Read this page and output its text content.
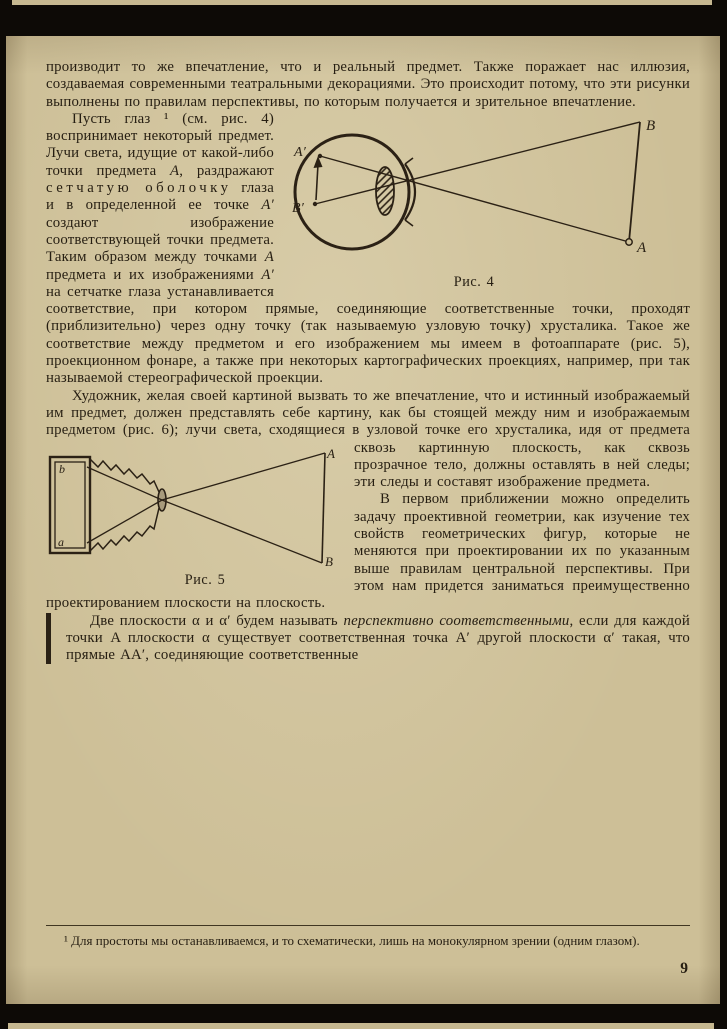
производит то же впечатление, что и реальный предмет. Также поражает нас иллюзия, создаваемая современными театральными декорациями. Это происходит потому, что эти рисунки выполнены по правилам перспективы, по которым получается и зрительное впечатление.

B
A
A′
B′
Рис. 4
Пусть глаз ¹ (см. рис. 4) воспринимает некоторый предмет. Лучи света, идущие от какой-либо точки предмета A, раздражают сетчатую оболочку глаза и в определенной ее точке A′ создают изображение соответствующей точки предмета. Таким образом между точками A предмета и их изображениями A′ на сетчатке глаза устанавливается соответствие, при котором прямые, соединяющие соответственные точки, проходят (приблизительно) через одну точку (так называемую узловую точку) хрусталика. Такое же соответствие между предметом и его изображением мы имеем в фотоаппарате (рис. 5), проекционном фонаре, а также при некоторых картографических проекциях, например, при так называемой стереографической проекции.

Художник, желая своей картиной вызвать то же впечатление, что и истинный изображаемый им предмет, должен представлять себе картину, как бы стоящей между ним и изображаемым предметом (рис. 6); лучи света, сходящиеся в узловой точке его хрусталика, идя от предмета сквозь картинную
A
B
b
a
Рис. 5
плоскость, как сквозь прозрачное тело, должны оставлять в ней следы; эти следы и составят изображение предмета.

В первом приближении можно определить задачу проективной геометрии, как изучение тех свойств геометрических фигур, которые не меняются при проектировании их по указанным выше правилам центральной перспективы. При этом нам придется заниматься преимущественно проектированием плоскости на плоскость.

Две плоскости α и α′ будем называть перспективно соответственными, если для каждой точки A плоскости α существует соответственная точка A′ другой плоскости α′ такая, что прямые AA′, соединяющие соответственные

¹ Для простоты мы останавливаемся, и то схематически, лишь на монокулярном зрении (одним глазом).
9
